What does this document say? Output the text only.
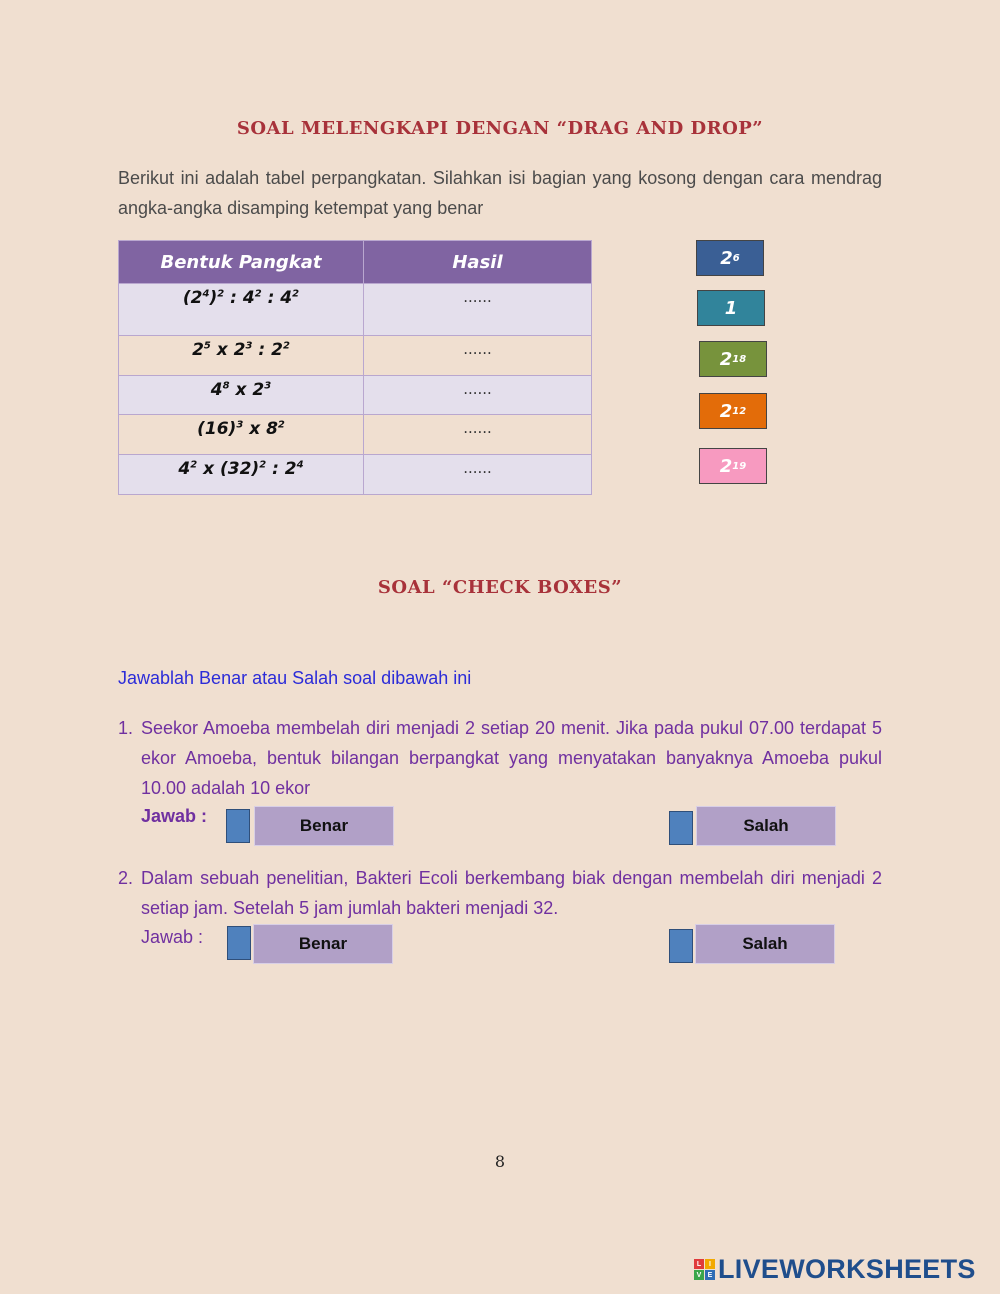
SOAL MELENGKAPI DENGAN “DRAG AND DROP”
Berikut ini adalah tabel perpangkatan. Silahkan isi bagian yang kosong dengan cara mendrag angka-angka disamping ketempat yang benar
Bentuk Pangkat	Hasil
$(2^4)^2$ : $4^2$ : $4^2$	......
$2^5$ x $2^3$ : $2^2$	......
$4^8$ x $2^3$	......
$(16)^3$ x $8^2$	......
$4^2$ x $(32)^2$ : $2^4$	......
2 6
1
2 18
2 12
2 19
SOAL “CHECK BOXES”
Jawablah Benar atau Salah soal dibawah ini
1. Seekor Amoeba membelah diri menjadi 2 setiap 20 menit. Jika pada pukul 07.00 terdapat 5 ekor Amoeba, bentuk bilangan berpangkat yang menyatakan banyaknya Amoeba pukul 10.00 adalah 10 ekor
Jawab :	Benar	Salah
2. Dalam sebuah penelitian, Bakteri Ecoli berkembang biak dengan membelah diri menjadi 2 setiap jam. Setelah 5 jam jumlah bakteri menjadi 32.
Jawab :	Benar	Salah
8
L	I
V E LIVEWORKSHEETS
